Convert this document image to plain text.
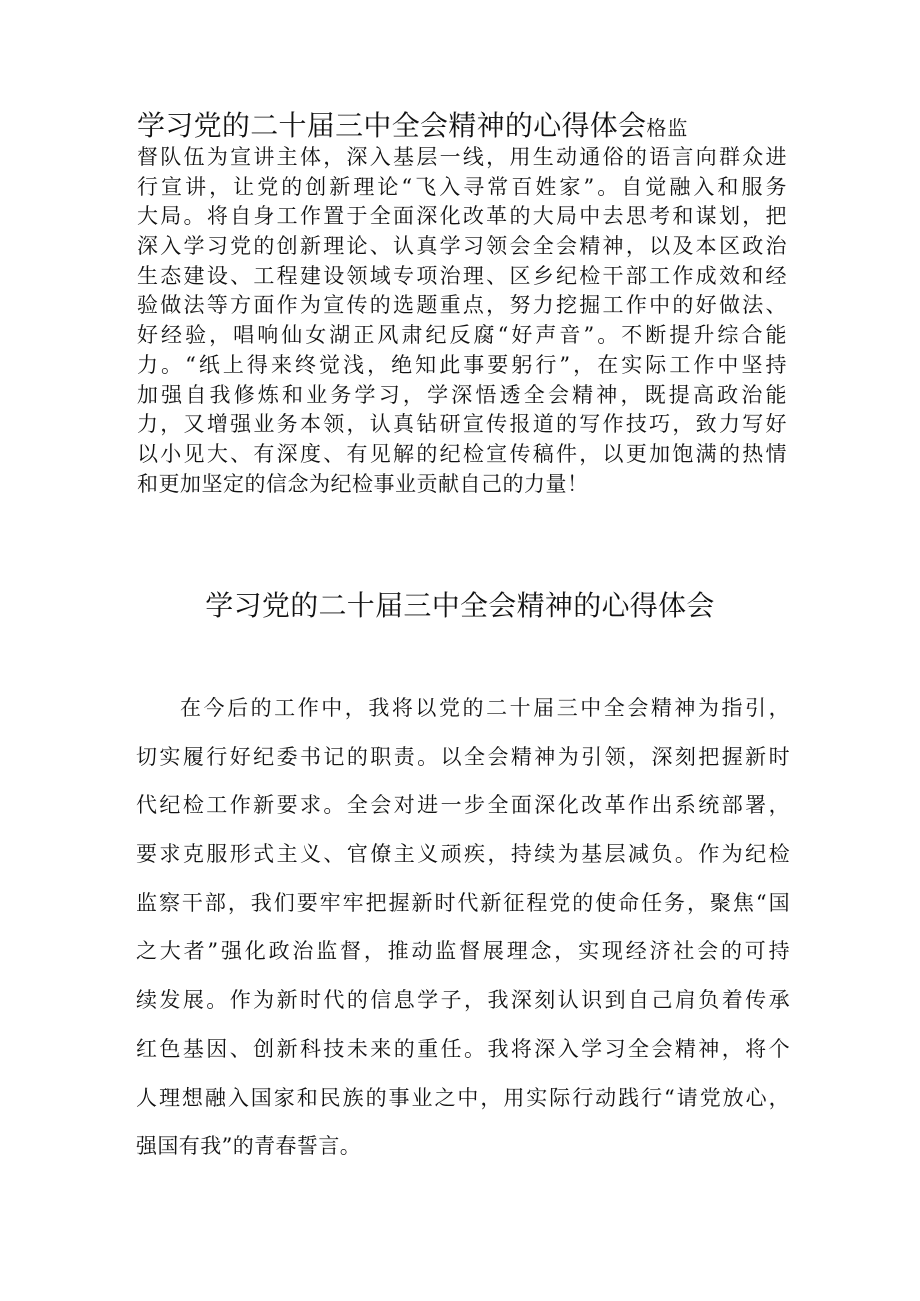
学习党的二十届三中全会精神的心得体会格监
督队伍为宣讲主体，深入基层一线，用生动通俗的语言向群众进
行宣讲，让党的创新理论“飞入寻常百姓家”。自觉融入和服务
大局。将自身工作置于全面深化改革的大局中去思考和谋划，把
深入学习党的创新理论、认真学习领会全会精神，以及本区政治
生态建设、工程建设领域专项治理、区乡纪检干部工作成效和经
验做法等方面作为宣传的选题重点，努力挖掘工作中的好做法、
好经验，唱响仙女湖正风肃纪反腐“好声音”。不断提升综合能
力。“纸上得来终觉浅，绝知此事要躬行”，在实际工作中坚持
加强自我修炼和业务学习，学深悟透全会精神，既提高政治能
力，又增强业务本领，认真钻研宣传报道的写作技巧，致力写好
以小见大、有深度、有见解的纪检宣传稿件，以更加饱满的热情
和更加坚定的信念为纪检事业贡献自己的力量！
学习党的二十届三中全会精神的心得体会
在今后的工作中，我将以党的二十届三中全会精神为指引，
切实履行好纪委书记的职责。以全会精神为引领，深刻把握新时
代纪检工作新要求。全会对进一步全面深化改革作出系统部署，
要求克服形式主义、官僚主义顽疾，持续为基层减负。作为纪检
监察干部，我们要牢牢把握新时代新征程党的使命任务，聚焦“国
之大者”强化政治监督，推动监督展理念，实现经济社会的可持
续发展。作为新时代的信息学子，我深刻认识到自己肩负着传承
红色基因、创新科技未来的重任。我将深入学习全会精神，将个
人理想融入国家和民族的事业之中，用实际行动践行“请党放心，
强国有我”的青春誓言。
